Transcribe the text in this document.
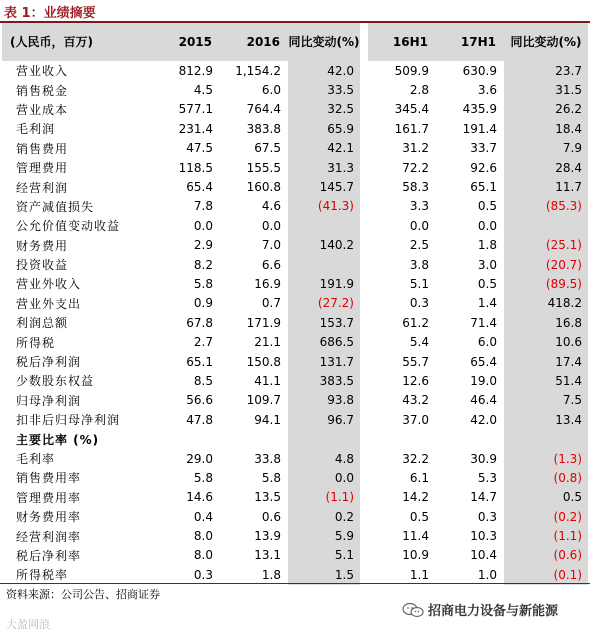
表 1：业绩摘要
(人民币，百万)	2015	2016	同比变动(%)		16H1	17H1	同比变动(%)
营业收入	812.9	1,154.2	42.0		509.9	630.9	23.7
销售税金	4.5	6.0	33.5		2.8	3.6	31.5
营业成本	577.1	764.4	32.5		345.4	435.9	26.2
毛利润	231.4	383.8	65.9		161.7	191.4	18.4
销售费用	47.5	67.5	42.1		31.2	33.7	7.9
管理费用	118.5	155.5	31.3		72.2	92.6	28.4
经营利润	65.4	160.8	145.7		58.3	65.1	11.7
资产减值损失	7.8	4.6	(41.3)		3.3	0.5	(85.3)
公允价值变动收益	0.0	0.0			0.0	0.0	
财务费用	2.9	7.0	140.2		2.5	1.8	(25.1)
投资收益	8.2	6.6			3.8	3.0	(20.7)
营业外收入	5.8	16.9	191.9		5.1	0.5	(89.5)
营业外支出	0.9	0.7	(27.2)		0.3	1.4	418.2
利润总额	67.8	171.9	153.7		61.2	71.4	16.8
所得税	2.7	21.1	686.5		5.4	6.0	10.6
税后净利润	65.1	150.8	131.7		55.7	65.4	17.4
少数股东权益	8.5	41.1	383.5		12.6	19.0	51.4
归母净利润	56.6	109.7	93.8		43.2	46.4	7.5
扣非后归母净利润	47.8	94.1	96.7		37.0	42.0	13.4
主要比率 (%)							
毛利率	29.0	33.8	4.8		32.2	30.9	(1.3)
销售费用率	5.8	5.8	0.0		6.1	5.3	(0.8)
管理费用率	14.6	13.5	(1.1)		14.2	14.7	0.5
财务费用率	0.4	0.6	0.2		0.5	0.3	(0.2)
经营利润率	8.0	13.9	5.9		11.4	10.3	(1.1)
税后净利率	8.0	13.1	5.1		10.9	10.4	(0.6)
所得税率	0.3	1.8	1.5		1.1	1.0	(0.1)
资料来源：公司公告、招商证券
招商电力设备与新能源
大盈网浪
